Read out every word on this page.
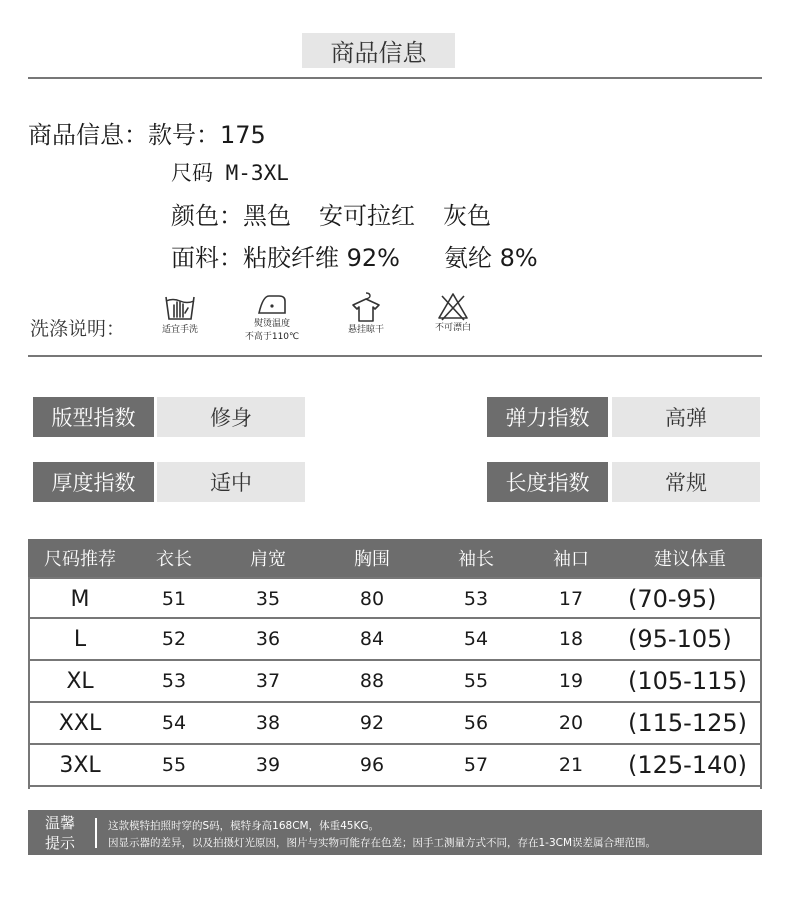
商品信息
商品信息：款号：175
尺码 M-3XL
颜色：黑色 安可拉红 灰色
面料：粘胶纤维 92% 氨纶 8%
洗涤说明：	适宜手洗
熨烫温度
不高于110℃
悬挂晾干	不可漂白
版型指数	修身	弹力指数	高弹
厚度指数	适中	长度指数	常规
尺码推荐	衣长	肩宽	胸围	袖长	袖口	建议体重
M	51	35	80	53	17	(70-95)
L	52	36	84	54	18	(95-105)
XL	53	37	88	55	19	(105-115)
XXL	54	38	92	56	20	(115-125)
3XL	55	39	96	57	21	(125-140)
温馨
提示
这款模特拍照时穿的S码，模特身高168CM，体重45KG。
因显示器的差异，以及拍摄灯光原因，图片与实物可能存在色差；因手工测量方式不同，存在1-3CM误差属合理范围。
